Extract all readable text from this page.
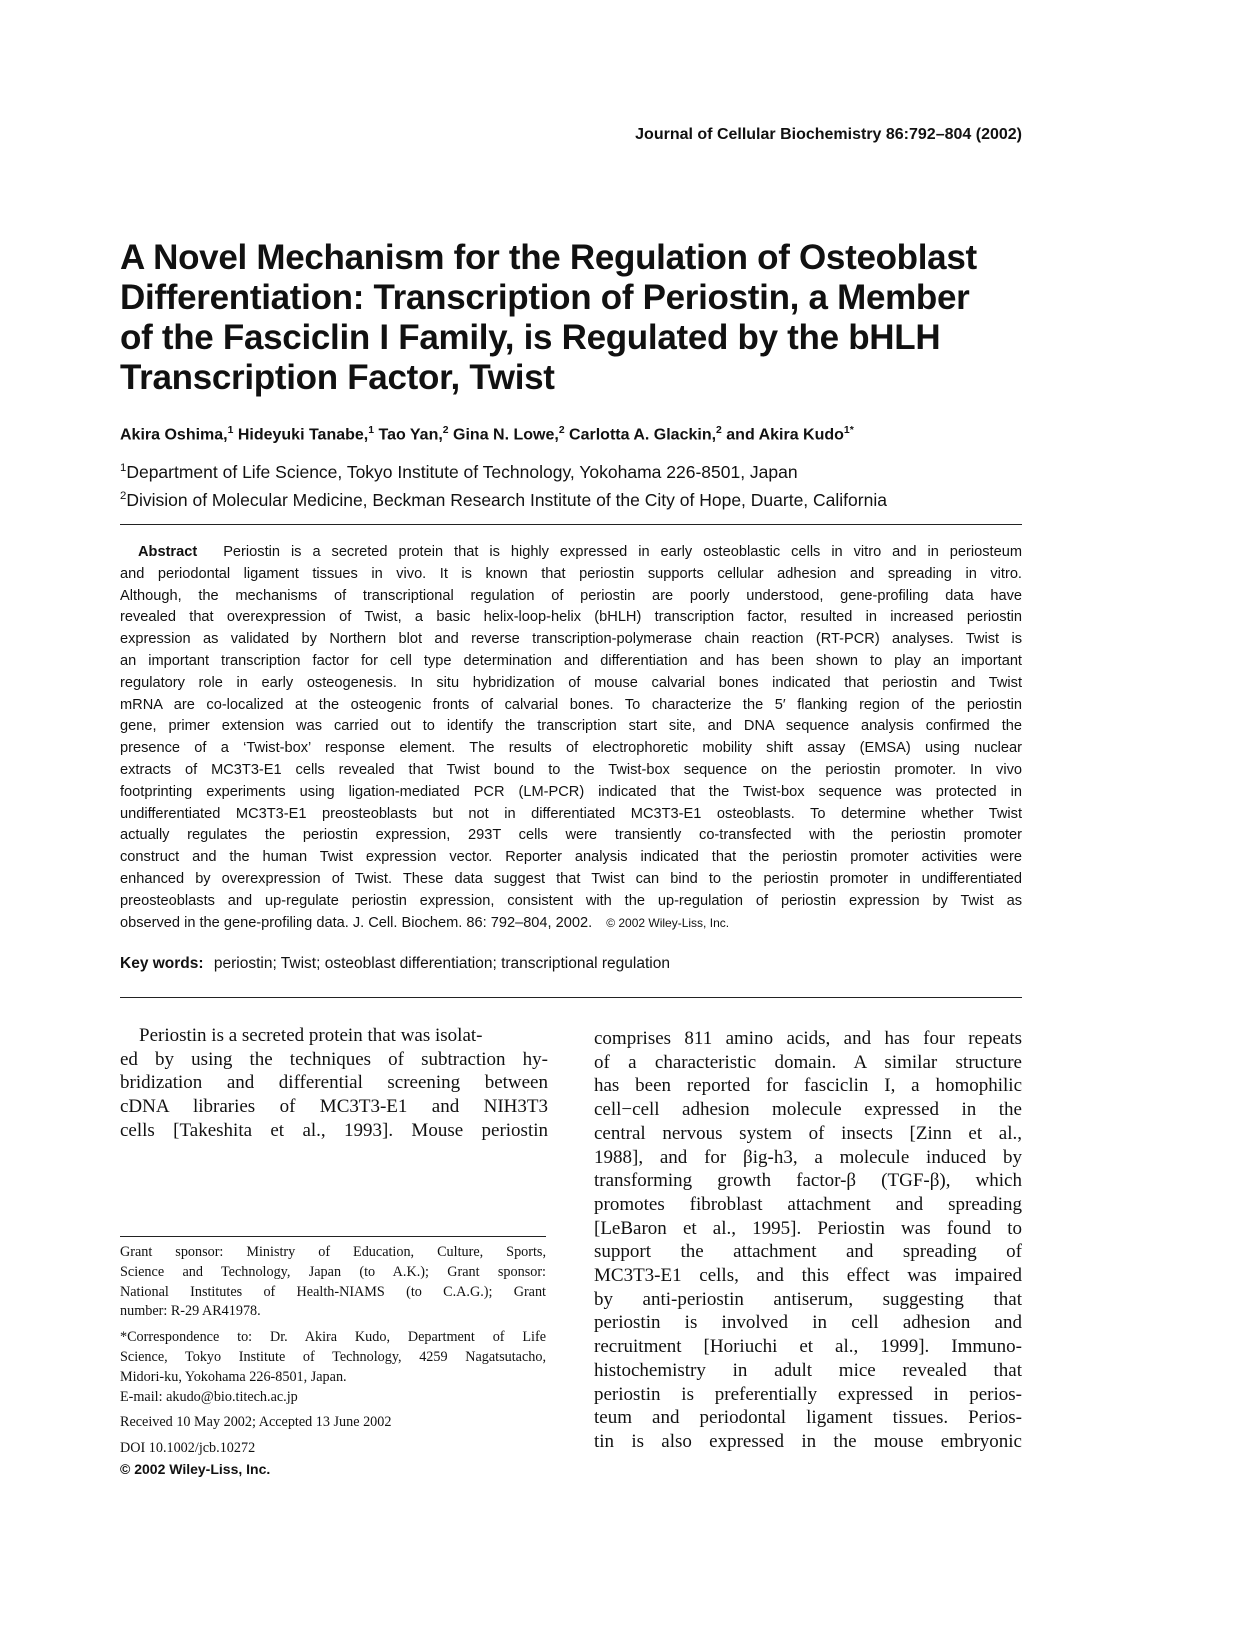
Journal of Cellular Biochemistry 86:792–804 (2002)
A Novel Mechanism for the Regulation of Osteoblast
Differentiation: Transcription of Periostin, a Member
of the Fasciclin I Family, is Regulated by the bHLH
Transcription Factor, Twist
Akira Oshima,$^1$ Hideyuki Tanabe,$^1$ Tao Yan,$^2$ Gina N. Lowe,$^2$ Carlotta A. Glackin,$^2$ and Akira Kudo$^{1*}$
$^1$Department of Life Science, Tokyo Institute of Technology, Yokohama 226-8501, Japan
$^2$Division of Molecular Medicine, Beckman Research Institute of the City of Hope, Duarte, California
Abstract Periostin is a secreted protein that is highly expressed in early osteoblastic cells in vitro and in periosteum
and periodontal ligament tissues in vivo. It is known that periostin supports cellular adhesion and spreading in vitro.
Although, the mechanisms of transcriptional regulation of periostin are poorly understood, gene-profiling data have
revealed that overexpression of Twist, a basic helix-loop-helix (bHLH) transcription factor, resulted in increased periostin
expression as validated by Northern blot and reverse transcription-polymerase chain reaction (RT-PCR) analyses. Twist is
an important transcription factor for cell type determination and differentiation and has been shown to play an important
regulatory role in early osteogenesis. In situ hybridization of mouse calvarial bones indicated that periostin and Twist
mRNA are co-localized at the osteogenic fronts of calvarial bones. To characterize the 5′ flanking region of the periostin
gene, primer extension was carried out to identify the transcription start site, and DNA sequence analysis confirmed the
presence of a ‘Twist-box’ response element. The results of electrophoretic mobility shift assay (EMSA) using nuclear
extracts of MC3T3-E1 cells revealed that Twist bound to the Twist-box sequence on the periostin promoter. In vivo
footprinting experiments using ligation-mediated PCR (LM-PCR) indicated that the Twist-box sequence was protected in
undifferentiated MC3T3-E1 preosteoblasts but not in differentiated MC3T3-E1 osteoblasts. To determine whether Twist
actually regulates the periostin expression, 293T cells were transiently co-transfected with the periostin promoter
construct and the human Twist expression vector. Reporter analysis indicated that the periostin promoter activities were
enhanced by overexpression of Twist. These data suggest that Twist can bind to the periostin promoter in undifferentiated
preosteoblasts and up-regulate periostin expression, consistent with the up-regulation of periostin expression by Twist as
observed in the gene-profiling data. J. Cell. Biochem. 86: 792–804, 2002. © 2002 Wiley-Liss, Inc.
Key words: periostin; Twist; osteoblast differentiation; transcriptional regulation
Periostin is a secreted protein that was isolat-
ed by using the techniques of subtraction hy-
bridization and differential screening between
cDNA libraries of MC3T3-E1 and NIH3T3
cells [Takeshita et al., 1993]. Mouse periostin
comprises 811 amino acids, and has four repeats
of a characteristic domain. A similar structure
has been reported for fasciclin I, a homophilic
cell−cell adhesion molecule expressed in the
central nervous system of insects [Zinn et al.,
1988], and for βig-h3, a molecule induced by
transforming growth factor-β (TGF-β), which
promotes fibroblast attachment and spreading
[LeBaron et al., 1995]. Periostin was found to
support the attachment and spreading of
MC3T3-E1 cells, and this effect was impaired
by anti-periostin antiserum, suggesting that
periostin is involved in cell adhesion and
recruitment [Horiuchi et al., 1999]. Immuno-
histochemistry in adult mice revealed that
periostin is preferentially expressed in perios-
teum and periodontal ligament tissues. Perios-
tin is also expressed in the mouse embryonic
Grant sponsor: Ministry of Education, Culture, Sports,
Science and Technology, Japan (to A.K.); Grant sponsor:
National Institutes of Health-NIAMS (to C.A.G.); Grant
number: R-29 AR41978.
*Correspondence to: Dr. Akira Kudo, Department of Life
Science, Tokyo Institute of Technology, 4259 Nagatsutacho,
Midori-ku, Yokohama 226-8501, Japan.
E-mail: akudo@bio.titech.ac.jp
Received 10 May 2002; Accepted 13 June 2002
DOI 10.1002/jcb.10272
© 2002 Wiley-Liss, Inc.
